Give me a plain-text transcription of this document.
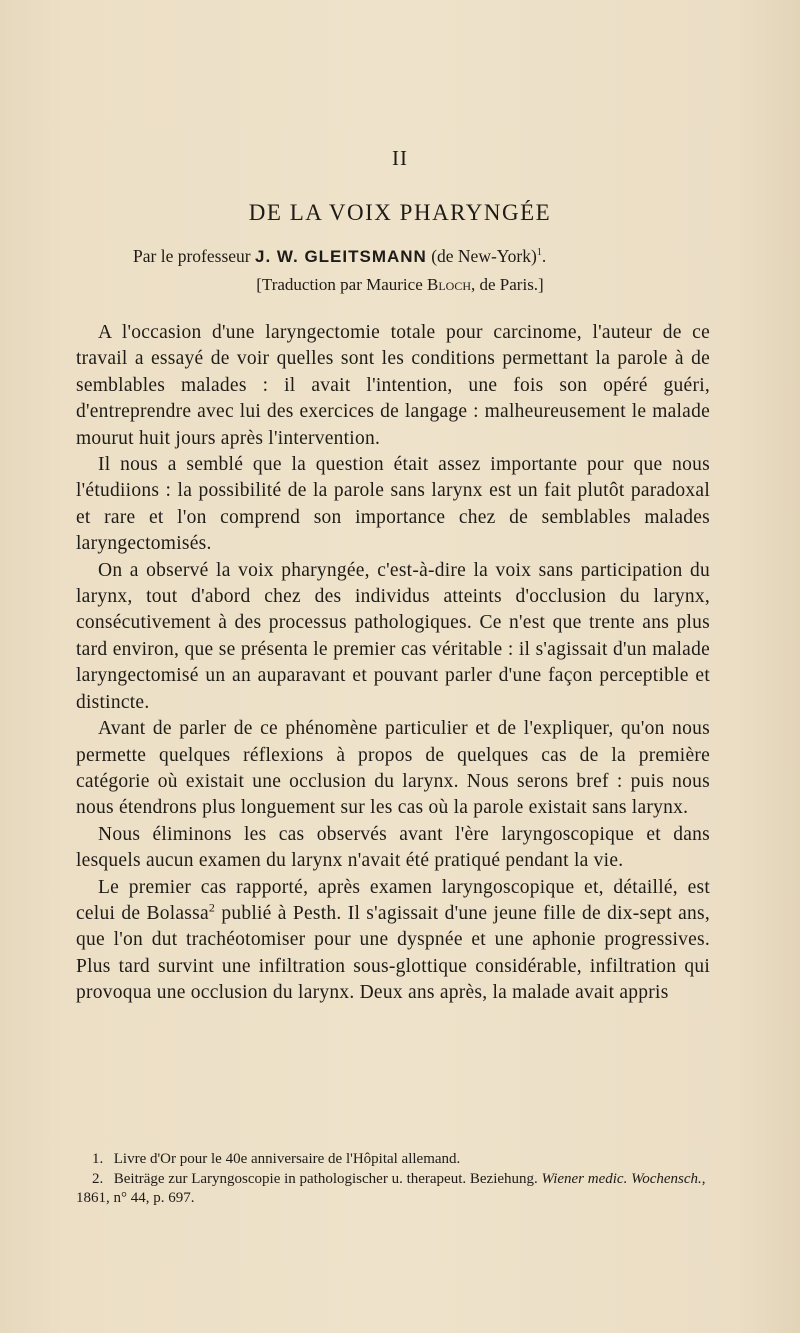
II
DE LA VOIX PHARYNGÉE
Par le professeur J. W. GLEITSMANN (de New-York)$^1$.
[Traduction par Maurice Bloch, de Paris.]

A l'occasion d'une laryngectomie totale pour carcinome, l'auteur de ce travail a essayé de voir quelles sont les conditions permettant la parole à de semblables malades : il avait l'intention, une fois son opéré guéri, d'entreprendre avec lui des exercices de langage : malheureusement le malade mourut huit jours après l'intervention.

Il nous a semblé que la question était assez importante pour que nous l'étudiions : la possibilité de la parole sans larynx est un fait plutôt paradoxal et rare et l'on comprend son importance chez de semblables malades laryngectomisés.

On a observé la voix pharyngée, c'est-à-dire la voix sans participation du larynx, tout d'abord chez des individus atteints d'occlusion du larynx, consécutivement à des processus pathologiques. Ce n'est que trente ans plus tard environ, que se présenta le premier cas véritable : il s'agissait d'un malade laryngectomisé un an auparavant et pouvant parler d'une façon perceptible et distincte.

Avant de parler de ce phénomène particulier et de l'expliquer, qu'on nous permette quelques réflexions à propos de quelques cas de la première catégorie où existait une occlusion du larynx. Nous serons bref : puis nous nous étendrons plus longuement sur les cas où la parole existait sans larynx.

Nous éliminons les cas observés avant l'ère laryngoscopique et dans lesquels aucun examen du larynx n'avait été pratiqué pendant la vie.

Le premier cas rapporté, après examen laryngoscopique et, détaillé, est celui de Bolassa$^2$ publié à Pesth. Il s'agissait d'une jeune fille de dix-sept ans, que l'on dut trachéotomiser pour une dyspnée et une aphonie progressives. Plus tard survint une infiltration sous-glottique considérable, infiltration qui provoqua une occlusion du larynx. Deux ans après, la malade avait appris

1. Livre d'Or pour le 40e anniversaire de l'Hôpital allemand.

2. Beiträge zur Laryngoscopie in pathologischer u. therapeut. Beziehung. Wiener medic. Wochensch., 1861, n° 44, p. 697.
